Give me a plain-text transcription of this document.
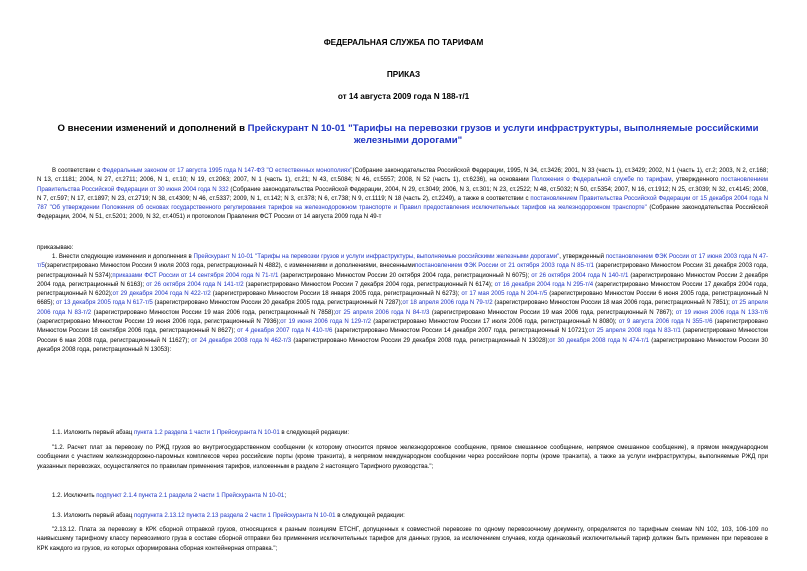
ФЕДЕРАЛЬНАЯ СЛУЖБА ПО ТАРИФАМ
ПРИКАЗ
от 14 августа 2009 года N 188-т/1
О внесении изменений и дополнений в Прейскурант N 10-01 "Тарифы на перевозки грузов и услуги инфраструктуры, выполняемые российскими железными дорогами"
В соответствии с Федеральным законом от 17 августа 1995 года N 147-ФЗ "О естественных монополиях"(Собрание законодательства Российской Федерации, 1995, N 34, ст.3426; 2001, N 33 (часть 1), ст.3429; 2002, N 1 (часть 1), ст.2; 2003, N 2, ст.168; N 13, ст.1181; 2004, N 27, ст.2711; 2006, N 1, ст.10; N 19, ст.2063; 2007, N 1 (часть 1), ст.21; N 43, ст.5084; N 46, ст.5557; 2008, N 52 (часть 1), ст.6236), на основании Положения о Федеральной службе по тарифам, утвержденного постановлением Правительства Российской Федерации от 30 июня 2004 года N 332 (Собрание законодательства Российской Федерации, 2004, N 29, ст.3049; 2006, N 3, ст.301; N 23, ст.2522; N 48, ст.5032; N 50, ст.5354; 2007, N 16, ст.1912; N 25, ст.3039; N 32, ст.4145; 2008, N 7, ст.597; N 17, ст.1897; N 23, ст.2719; N 38, ст.4309; N 46, ст.5337; 2009, N 1, ст.142; N 3, ст.378; N 6, ст.738; N 9, ст.1119; N 18 (часть 2), ст.2249), а также в соответствии с постановлением Правительства Российской Федерации от 15 декабря 2004 года N 787 "Об утверждении Положения об основах государственного регулирования тарифов на железнодорожном транспорте и Правил предоставления исключительных тарифов на железнодорожном транспорте" (Собрание законодательства Российской Федерации, 2004, N 51, ст.5201; 2009, N 32, ст.4051) и протоколом Правления ФСТ России от 14 августа 2009 года N 49-т
приказываю:
1. Внести следующие изменения и дополнения в Прейскурант N 10-01 "Тарифы на перевозки грузов и услуги инфраструктуры, выполняемые российскими железными дорогами", утвержденный постановлением ФЭК России от 17 июня 2003 года N 47-т/5(зарегистрировано Минюстом России 9 июля 2003 года, регистрационный N 4882), с изменениями и дополнениями, внесеннымипостановлением ФЭК России от 21 октября 2003 года N 85-т/1 (зарегистрировано Минюстом России 31 декабря 2003 года, регистрационный N 5374);приказами ФСТ России от 14 сентября 2004 года N 71-т/1 (зарегистрировано Минюстом России 20 октября 2004 года, регистрационный N 6075); от 26 октября 2004 года N 140-т/1 (зарегистрировано Минюстом России 2 декабря 2004 года, регистрационный N 6163); от 26 октября 2004 года N 141-т/2 (зарегистрировано Минюстом России 7 декабря 2004 года, регистрационный N 6174); от 16 декабря 2004 года N 295-т/4 (зарегистрировано Минюстом России 17 декабря 2004 года, регистрационный N 6202);от 29 декабря 2004 года N 422-т/2 (зарегистрировано Минюстом России 18 января 2005 года, регистрационный N 6273); от 17 мая 2005 года N 204-т/5 (зарегистрировано Минюстом России 6 июня 2005 года, регистрационный N 6685); от 13 декабря 2005 года N 617-т/5 (зарегистрировано Минюстом России 20 декабря 2005 года, регистрационный N 7287);от 18 апреля 2006 года N 79-т/2 (зарегистрировано Минюстом России 18 мая 2006 года, регистрационный N 7851); от 25 апреля 2006 года N 83-т/2 (зарегистрировано Минюстом России 19 мая 2006 года, регистрационный N 7858);от 25 апреля 2006 года N 84-т/3 (зарегистрировано Минюстом России 19 мая 2006 года, регистрационный N 7867); от 19 июня 2006 года N 133-т/6 (зарегистрировано Минюстом России 19 июня 2006 года, регистрационный N 7936);от 19 июня 2006 года N 129-т/2 (зарегистрировано Минюстом России 17 июля 2006 года, регистрационный N 8080); от 9 августа 2006 года N 355-т/6 (зарегистрировано Минюстом России 18 сентября 2006 года, регистрационный N 8627); от 4 декабря 2007 года N 410-т/6 (зарегистрировано Минюстом России 14 декабря 2007 года, регистрационный N 10721);от 25 апреля 2008 года N 83-т/1 (зарегистрировано Минюстом России 6 мая 2008 года, регистрационный N 11627); от 24 декабря 2008 года N 462-т/3 (зарегистрировано Минюстом России 29 декабря 2008 года, регистрационный N 13028);от 30 декабря 2008 года N 474-т/1 (зарегистрировано Минюстом России 30 декабря 2008 года, регистрационный N 13053):
1.1. Изложить первый абзац пункта 1.2 раздела 1 части 1 Прейскуранта N 10-01 в следующей редакции:
"1.2. Расчет плат за перевозку по РЖД грузов во внутригосударственном сообщении (к которому относится прямое железнодорожное сообщение, прямое смешанное сообщение, непрямое смешанное сообщение), в прямом международном сообщении с участием железнодорожно-паромных комплексов через российские порты (кроме транзита), в непрямом международном сообщении через российские порты (кроме транзита), а также за услуги инфраструктуры, выполняемые РЖД при указанных перевозках, осуществляется по правилам применения тарифов, изложенным в разделе 2 настоящего Тарифного руководства.";
1.2. Исключить подпункт 2.1.4 пункта 2.1 раздела 2 части 1 Прейскуранта N 10-01;
1.3. Изложить первый абзац подпункта 2.13.12 пункта 2.13 раздела 2 части 1 Прейскуранта N 10-01 в следующей редакции:
"2.13.12. Плата за перевозку в КРК сборной отправкой грузов, относящихся к разным позициям ЕТСНГ, допущенных к совместной перевозке по одному перевозочному документу, определяется по тарифным схемам NN 102, 103, 106-109 по наивысшему тарифному классу перевозимого груза в составе сборной отправки без применения исключительных тарифов для данных грузов, за исключением случаев, когда одинаковый исключительный тариф должен быть применен при перевозке в КРК каждого из грузов, из которых сформирована сборная контейнерная отправка.";
